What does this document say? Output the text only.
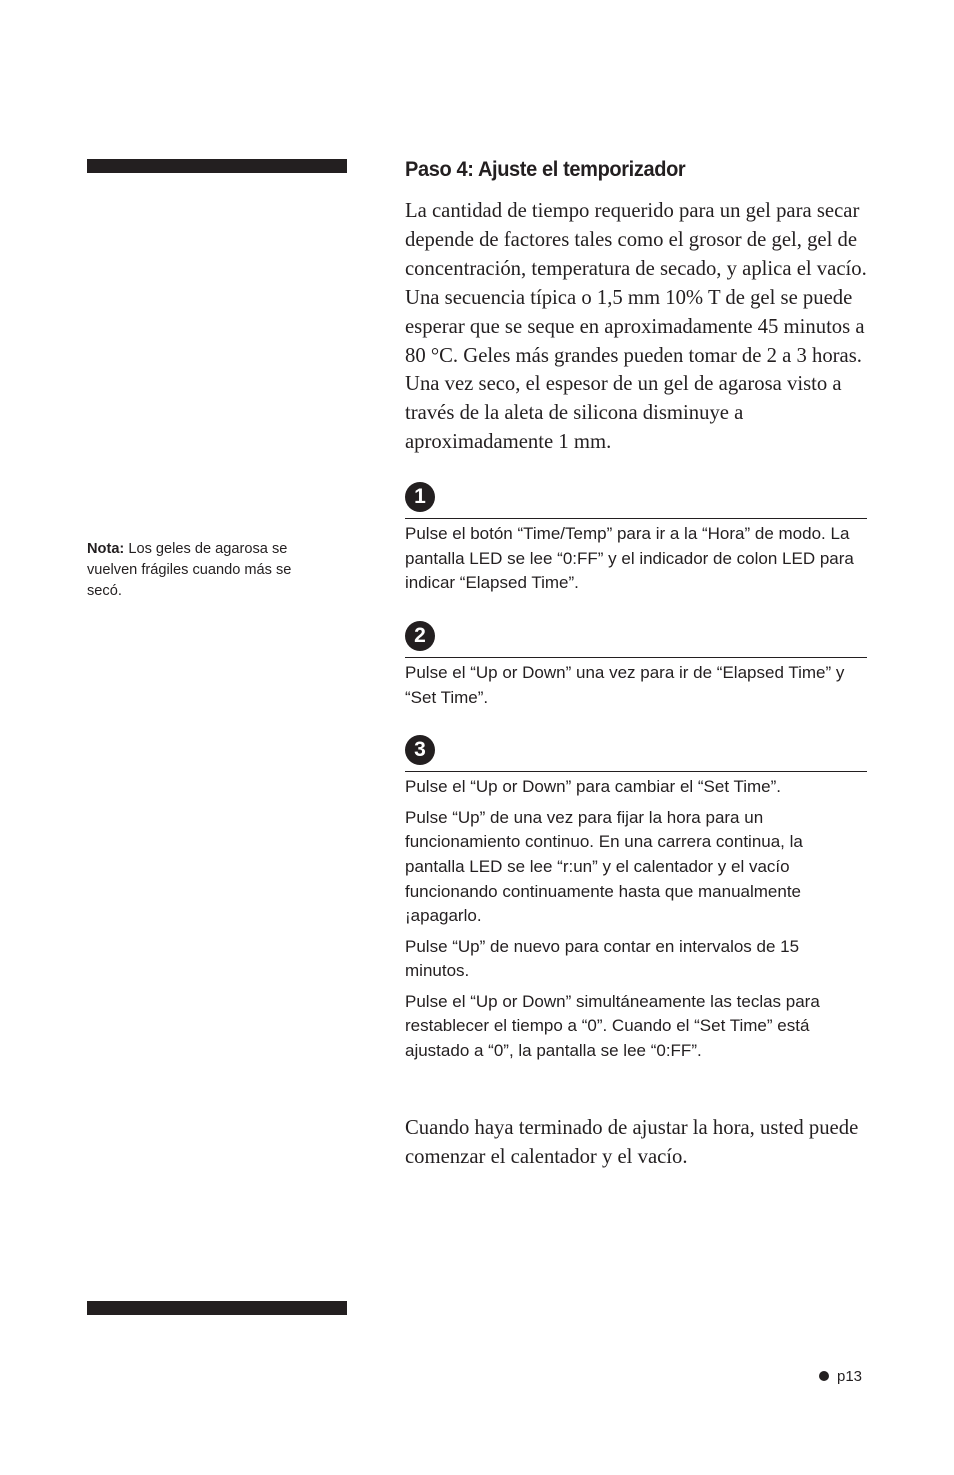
Nota: Los geles de agarosa se vuelven frágiles cuando más se secó.
Paso 4: Ajuste el temporizador

La cantidad de tiempo requerido para un gel para secar depende de factores tales como el grosor de gel, gel de concentración, temperatura de secado, y aplica el vacío. Una secuencia típica o 1,5 mm 10% T de gel se puede esperar que se seque en aproximadamente 45 minutos a 80 °C. Geles más grandes pueden tomar de 2 a 3 horas. Una vez seco, el espesor de un gel de agarosa visto a través de la aleta de silicona disminuye a aproximadamente 1 mm.

1

Pulse el botón “Time/Temp” para ir a la “Hora” de modo. La pantalla LED se lee “0:FF” y el indicador de colon LED para indicar “Elapsed Time”.

2

Pulse el “Up or Down” una vez para ir de “Elapsed Time” y “Set Time”.

3

Pulse el “Up or Down” para cambiar el “Set Time”.

Pulse “Up” de una vez para fijar la hora para un funcionamiento continuo. En una carrera continua, la pantalla LED se lee “r:un” y el calentador y el vacío funcionando continuamente hasta que manualmente ¡apagarlo.

Pulse “Up” de nuevo para contar en intervalos de 15 minutos.

Pulse el “Up or Down” simultáneamente las teclas para restablecer el tiempo a “0”. Cuando el “Set Time” está ajustado a “0”, la pantalla se lee “0:FF”.

Cuando haya terminado de ajustar la hora, usted puede comenzar el calentador y el vacío.

p13
